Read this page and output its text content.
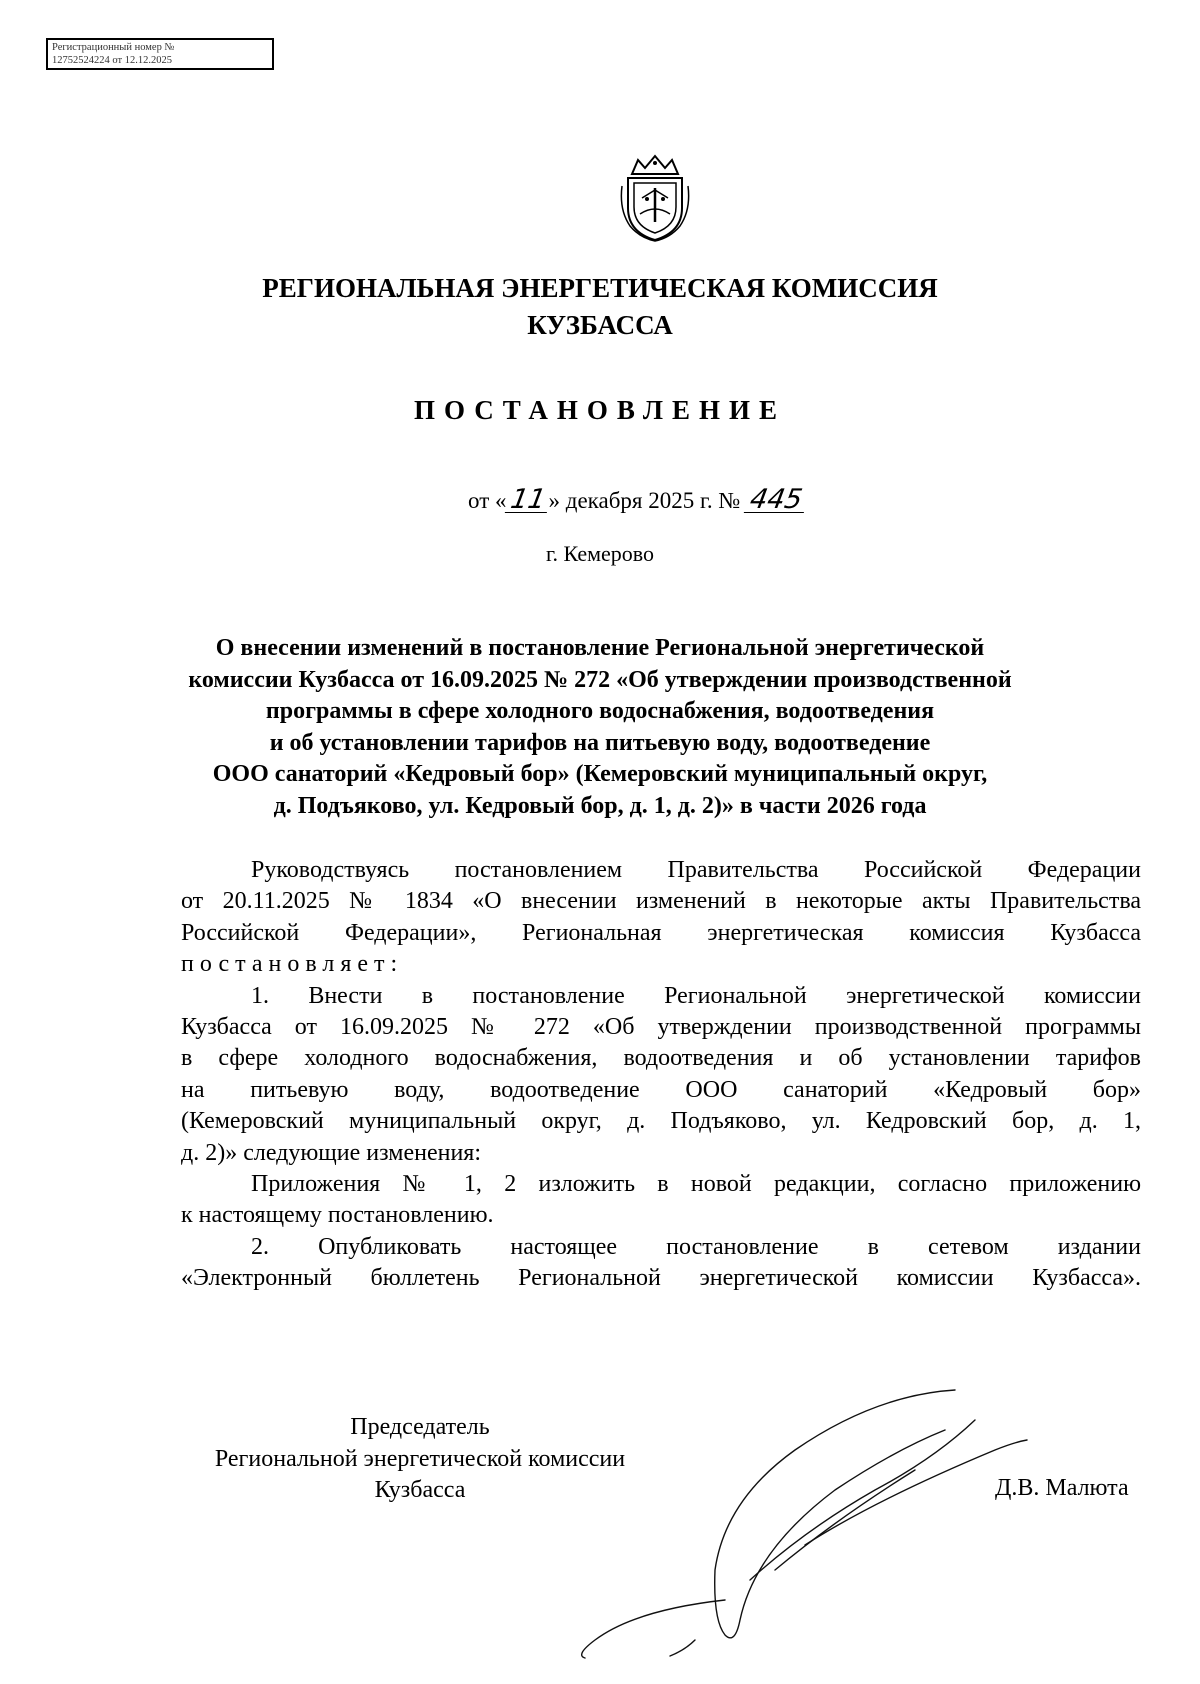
Регистрационный номер №
12752524224 от 12.12.2025
РЕГИОНАЛЬНАЯ ЭНЕРГЕТИЧЕСКАЯ КОМИССИЯ
КУЗБАССА
ПОСТАНОВЛЕНИЕ
от «11» декабря 2025 г. № 445
г. Кемерово
О внесении изменений в постановление Региональной энергетической
комиссии Кузбасса от 16.09.2025 № 272 «Об утверждении производственной
программы в сфере холодного водоснабжения, водоотведения
и об установлении тарифов на питьевую воду, водоотведение
ООО санаторий «Кедровый бор» (Кемеровский муниципальный округ,
д. Подъяково, ул. Кедровый бор, д. 1, д. 2)» в части 2026 года
Руководствуясь постановлением Правительства Российской Федерации
от 20.11.2025 № 1834 «О внесении изменений в некоторые акты Правительства
Российской Федерации», Региональная энергетическая комиссия Кузбасса
постановляет:
1. Внести в постановление Региональной энергетической комиссии
Кузбасса от 16.09.2025 № 272 «Об утверждении производственной программы
в сфере холодного водоснабжения, водоотведения и об установлении тарифов
на питьевую воду, водоотведение ООО санаторий «Кедровый бор»
(Кемеровский муниципальный округ, д. Подъяково, ул. Кедровский бор, д. 1,
д. 2)» следующие изменения:
Приложения № 1, 2 изложить в новой редакции, согласно приложению
к настоящему постановлению.
2. Опубликовать настоящее постановление в сетевом издании
«Электронный бюллетень Региональной энергетической комиссии Кузбасса».
Председатель
Региональной энергетической комиссии
Кузбасса	Д.В. Малюта
